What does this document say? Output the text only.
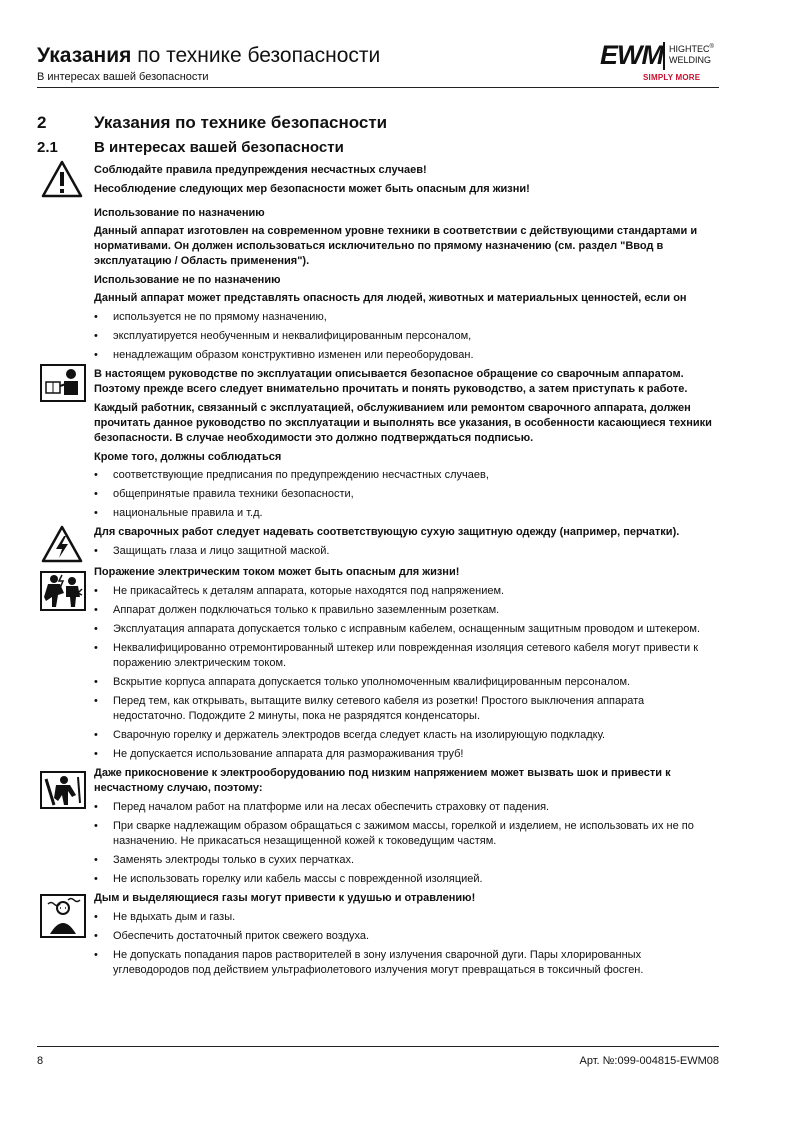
Указания по технике безопасности
В интересах вашей безопасности
EWM HIGHTEC®
WELDING
SIMPLY MORE
2	Указания по технике безопасности
2.1 В интересах вашей безопасности
Соблюдайте правила предупреждения несчастных случаев!
Несоблюдение следующих мер безопасности может быть опасным для жизни!
Использование по назначению
Данный аппарат изготовлен на современном уровне техники в соответствии с действующими стандартами и нормативами. Он должен использоваться исключительно по прямому назначению (см. раздел "Ввод в эксплуатацию / Область применения").
Использование не по назначению
Данный аппарат может представлять опасность для людей, животных и материальных ценностей, если он
• используется не по прямому назначению,
• эксплуатируется необученным и неквалифицированным персоналом,
• ненадлежащим образом конструктивно изменен или переоборудован.
В настоящем руководстве по эксплуатации описывается безопасное обращение со сварочным аппаратом. Поэтому прежде всего следует внимательно прочитать и понять руководство, а затем приступать к работе.
Каждый работник, связанный с эксплуатацией, обслуживанием или ремонтом сварочного аппарата, должен прочитать данное руководство по эксплуатации и выполнять все указания, в особенности касающиеся техники безопасности. В случае необходимости это должно подтверждаться подписью.
Кроме того, должны соблюдаться
• соответствующие предписания по предупреждению несчастных случаев,
• общепринятые правила техники безопасности,
• национальные правила и т.д.
Для сварочных работ следует надевать соответствующую сухую защитную одежду (например, перчатки).
• Защищать глаза и лицо защитной маской.
Поражение электрическим током может быть опасным для жизни!
• Не прикасайтесь к деталям аппарата, которые находятся под напряжением.
• Аппарат должен подключаться только к правильно заземленным розеткам.
• Эксплуатация аппарата допускается только с исправным кабелем, оснащенным защитным проводом и штекером.
• Неквалифицированно отремонтированный штекер или поврежденная изоляция сетевого кабеля могут привести к поражению электрическим током.
• Вскрытие корпуса аппарата допускается только уполномоченным квалифицированным персоналом.
• Перед тем, как открывать, вытащите вилку сетевого кабеля из розетки! Простого выключения аппарата недостаточно. Подождите 2 минуты, пока не разрядятся конденсаторы.
• Сварочную горелку и держатель электродов всегда следует класть на изолирующую подкладку.
• Не допускается использование аппарата для размораживания труб!
Даже прикосновение к электрооборудованию под низким напряжением может вызвать шок и привести к несчастному случаю, поэтому:
• Перед началом работ на платформе или на лесах обеспечить страховку от падения.
• При сварке надлежащим образом обращаться с зажимом массы, горелкой и изделием, не использовать их не по назначению. Не прикасаться незащищенной кожей к токоведущим частям.
• Заменять электроды только в сухих перчатках.
• Не использовать горелку или кабель массы с поврежденной изоляцией.
Дым и выделяющиеся газы могут привести к удушью и отравлению!
• Не вдыхать дым и газы.
• Обеспечить достаточный приток свежего воздуха.
• Не допускать попадания паров растворителей в зону излучения сварочной дуги. Пары хлорированных углеводородов под действием ультрафиолетового излучения могут превращаться в токсичный фосген.
8	Арт. №:099-004815-EWM08
